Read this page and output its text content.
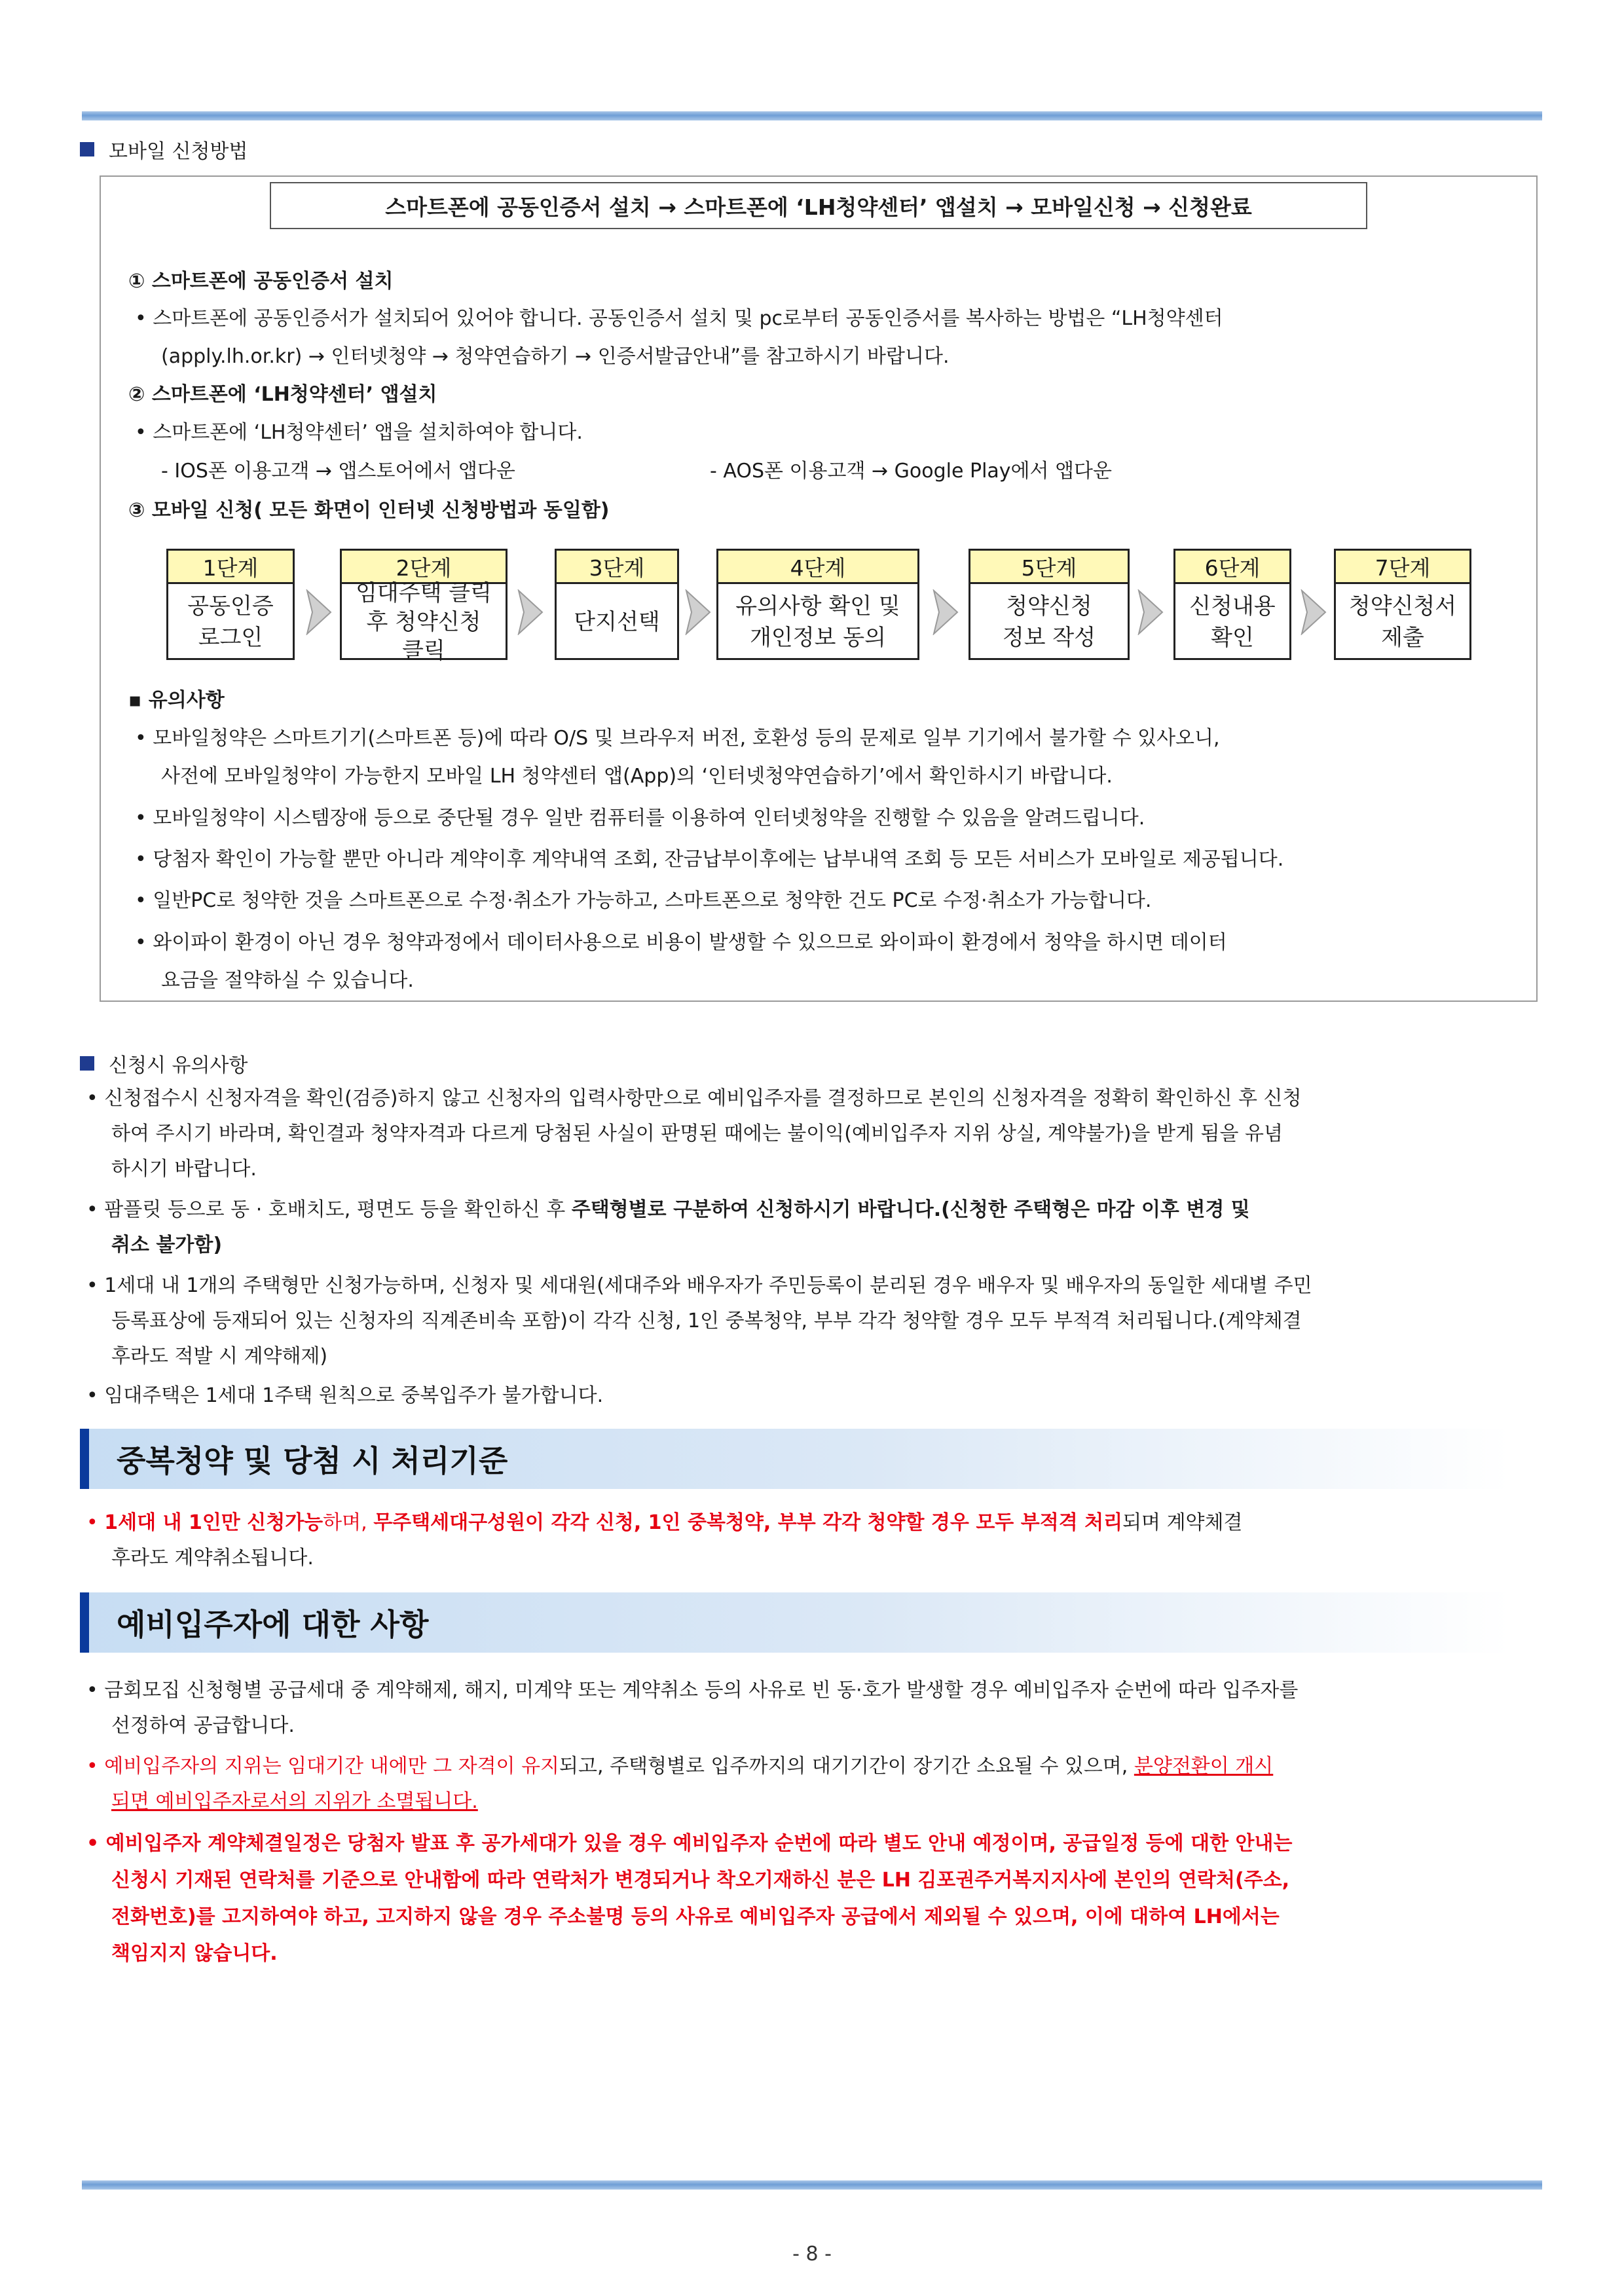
모바일 신청방법
스마트폰에 공동인증서 설치 → 스마트폰에 ‘LH청약센터’ 앱설치 → 모바일신청 → 신청완료
① 스마트폰에 공동인증서 설치
• 스마트폰에 공동인증서가 설치되어 있어야 합니다. 공동인증서 설치 및 pc로부터 공동인증서를 복사하는 방법은 “LH청약센터
(apply.lh.or.kr) → 인터넷청약 → 청약연습하기 → 인증서발급안내”를 참고하시기 바랍니다.
② 스마트폰에 ‘LH청약센터’ 앱설치
• 스마트폰에 ‘LH청약센터’ 앱을 설치하여야 합니다.
- IOS폰 이용고객 → 앱스토어에서 앱다운	- AOS폰 이용고객 → Google Play에서 앱다운
③ 모바일 신청( 모든 화면이 인터넷 신청방법과 동일함)
1단계
공동인증
로그인
2단계
임대주택 클릭
후 청약신청
클릭
3단계
단지선택
4단계
유의사항 확인 및
개인정보 동의
5단계
청약신청
정보 작성
6단계
신청내용
확인
7단계
청약신청서
제출
▪ 유의사항
• 모바일청약은 스마트기기(스마트폰 등)에 따라 O/S 및 브라우저 버전, 호환성 등의 문제로 일부 기기에서 불가할 수 있사오니,
사전에 모바일청약이 가능한지 모바일 LH 청약센터 앱(App)의 ‘인터넷청약연습하기’에서 확인하시기 바랍니다.
• 모바일청약이 시스템장애 등으로 중단될 경우 일반 컴퓨터를 이용하여 인터넷청약을 진행할 수 있음을 알려드립니다.
• 당첨자 확인이 가능할 뿐만 아니라 계약이후 계약내역 조회, 잔금납부이후에는 납부내역 조회 등 모든 서비스가 모바일로 제공됩니다.
• 일반PC로 청약한 것을 스마트폰으로 수정·취소가 가능하고, 스마트폰으로 청약한 건도 PC로 수정·취소가 가능합니다.
• 와이파이 환경이 아닌 경우 청약과정에서 데이터사용으로 비용이 발생할 수 있으므로 와이파이 환경에서 청약을 하시면 데이터
요금을 절약하실 수 있습니다.
신청시 유의사항
• 신청접수시 신청자격을 확인(검증)하지 않고 신청자의 입력사항만으로 예비입주자를 결정하므로 본인의 신청자격을 정확히 확인하신 후 신청
하여 주시기 바라며, 확인결과 청약자격과 다르게 당첨된 사실이 판명된 때에는 불이익(예비입주자 지위 상실, 계약불가)을 받게 됨을 유념
하시기 바랍니다.
• 팜플릿 등으로 동 · 호배치도, 평면도 등을 확인하신 후 주택형별로 구분하여 신청하시기 바랍니다.(신청한 주택형은 마감 이후 변경 및
취소 불가함)
• 1세대 내 1개의 주택형만 신청가능하며, 신청자 및 세대원(세대주와 배우자가 주민등록이 분리된 경우 배우자 및 배우자의 동일한 세대별 주민
등록표상에 등재되어 있는 신청자의 직계존비속 포함)이 각각 신청, 1인 중복청약, 부부 각각 청약할 경우 모두 부적격 처리됩니다.(계약체결
후라도 적발 시 계약해제)
• 임대주택은 1세대 1주택 원칙으로 중복입주가 불가합니다.
중복청약 및 당첨 시 처리기준
• 1세대 내 1인만 신청가능하며, 무주택세대구성원이 각각 신청, 1인 중복청약, 부부 각각 청약할 경우 모두 부적격 처리되며 계약체결
후라도 계약취소됩니다.
예비입주자에 대한 사항
• 금회모집 신청형별 공급세대 중 계약해제, 해지, 미계약 또는 계약취소 등의 사유로 빈 동·호가 발생할 경우 예비입주자 순번에 따라 입주자를
선정하여 공급합니다.
• 예비입주자의 지위는 임대기간 내에만 그 자격이 유지되고, 주택형별로 입주까지의 대기기간이 장기간 소요될 수 있으며, 분양전환이 개시
되면 예비입주자로서의 지위가 소멸됩니다.
• 예비입주자 계약체결일정은 당첨자 발표 후 공가세대가 있을 경우 예비입주자 순번에 따라 별도 안내 예정이며, 공급일정 등에 대한 안내는
신청시 기재된 연락처를 기준으로 안내함에 따라 연락처가 변경되거나 착오기재하신 분은 LH 김포권주거복지지사에 본인의 연락처(주소,
전화번호)를 고지하여야 하고, 고지하지 않을 경우 주소불명 등의 사유로 예비입주자 공급에서 제외될 수 있으며, 이에 대하여 LH에서는
책임지지 않습니다.
- 8 -
